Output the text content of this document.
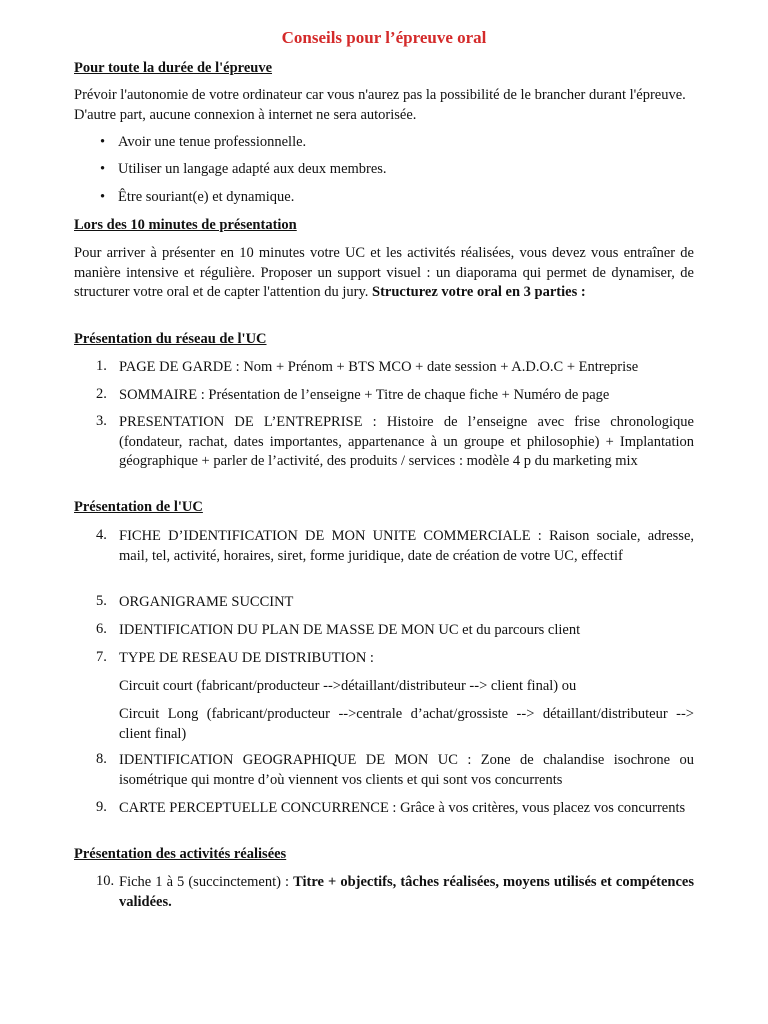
Conseils pour l’épreuve oral
Pour toute la durée de l'épreuve
Prévoir l'autonomie de votre ordinateur car vous n'aurez pas la possibilité de le brancher durant l'épreuve. D'autre part, aucune connexion à internet ne sera autorisée.
• Avoir une tenue professionnelle.
• Utiliser un langage adapté aux deux membres.
• Être souriant(e) et dynamique.
Lors des 10 minutes de présentation
Pour arriver à présenter en 10 minutes votre UC et les activités réalisées, vous devez vous entraîner de manière intensive et régulière. Proposer un support visuel : un diaporama qui permet de dynamiser, de structurer votre oral et de capter l'attention du jury. Structurez votre oral en 3 parties :
Présentation du réseau de l'UC
1. PAGE DE GARDE : Nom + Prénom + BTS MCO + date session + A.D.O.C + Entreprise
2. SOMMAIRE : Présentation de l’enseigne + Titre de chaque fiche + Numéro de page
3. PRESENTATION DE L’ENTREPRISE : Histoire de l’enseigne avec frise chronologique (fondateur, rachat, dates importantes, appartenance à un groupe et philosophie) + Implantation géographique + parler de l’activité, des produits / services : modèle 4 p du marketing mix
Présentation de l'UC
4. FICHE D’IDENTIFICATION DE MON UNITE COMMERCIALE : Raison sociale, adresse, mail, tel, activité, horaires, siret, forme juridique, date de création de votre UC, effectif
5. ORGANIGRAME SUCCINT
6. IDENTIFICATION DU PLAN DE MASSE DE MON UC et du parcours client
7. TYPE DE RESEAU DE DISTRIBUTION :
Circuit court (fabricant/producteur -->détaillant/distributeur --> client final) ou
Circuit Long (fabricant/producteur -->centrale d’achat/grossiste --> détaillant/distributeur --> client final)
8. IDENTIFICATION GEOGRAPHIQUE DE MON UC : Zone de chalandise isochrone ou isométrique qui montre d’où viennent vos clients et qui sont vos concurrents
9. CARTE PERCEPTUELLE CONCURRENCE : Grâce à vos critères, vous placez vos concurrents
Présentation des activités réalisées
10. Fiche 1 à 5 (succinctement) : Titre + objectifs, tâches réalisées, moyens utilisés et compétences validées.
